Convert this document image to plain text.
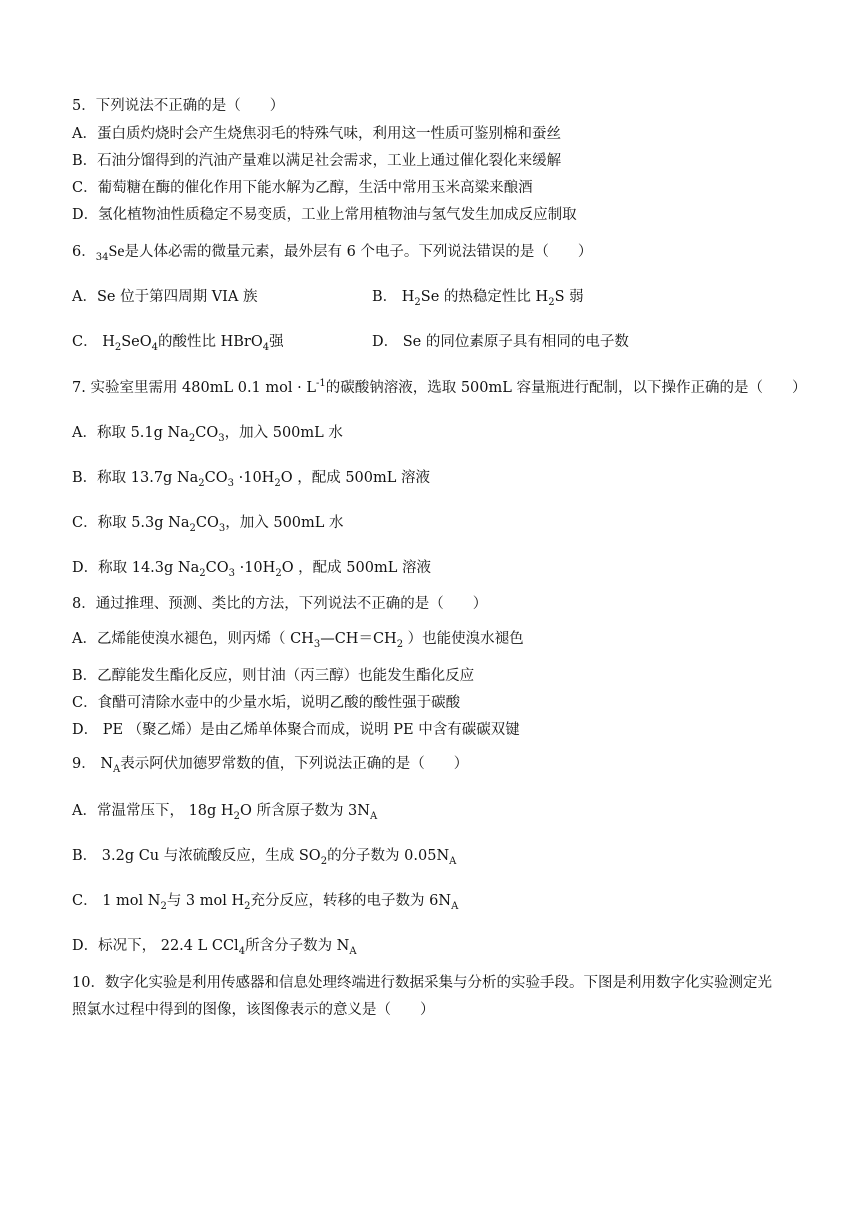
5．下列说法不正确的是（　　）
A．蛋白质灼烧时会产生烧焦羽毛的特殊气味，利用这一性质可鉴别棉和蚕丝
B．石油分馏得到的汽油产量难以满足社会需求，工业上通过催化裂化来缓解
C．葡萄糖在酶的催化作用下能水解为乙醇，生活中常用玉米高粱来酿酒
D．氢化植物油性质稳定不易变质，工业上常用植物油与氢气发生加成反应制取
6．$_{34}$Se是人体必需的微量元素，最外层有 6 个电子。下列说法错误的是（　　）
A．Se 位于第四周期 VIA 族	B． $H_2Se$ 的热稳定性比 $H_2S$ 弱
C． $H_2SeO_4$的酸性比 HBrO$_4$强	D． Se 的同位素原子具有相同的电子数
7. 实验室里需用 480mL 0.1 mol · $L^{-1}$的碳酸钠溶液，选取 500mL 容量瓶进行配制，以下操作正确的是（　　）
A．称取 5.1g $Na_2CO_3$，加入 500mL 水
B．称取 13.7g $Na_2CO_3 \cdot 10H_2O$ ，配成 500mL 溶液
C．称取 5.3g $Na_2CO_3$，加入 500mL 水
D．称取 14.3g $Na_2CO_3 \cdot 10H_2O$ ，配成 500mL 溶液
8．通过推理、预测、类比的方法，下列说法不正确的是（　　）
A．乙烯能使溴水褪色，则丙烯（ $CH_3—CH=CH_2$ ）也能使溴水褪色
B．乙醇能发生酯化反应，则甘油（丙三醇）也能发生酯化反应
C．食醋可清除水壶中的少量水垢，说明乙酸的酸性强于碳酸
D． PE （聚乙烯）是由乙烯单体聚合而成，说明 PE 中含有碳碳双键
9． $N_A$表示阿伏加德罗常数的值，下列说法正确的是（　　）
A．常温常压下， 18g $H_2O$ 所含原子数为 $3N_A$
B． 3.2g Cu 与浓硫酸反应，生成 $SO_2$的分子数为 $0.05N_A$
C． 1 mol $N_2$与 3 mol $H_2$充分反应，转移的电子数为 $6N_A$
D．标况下， 22.4 L CCl$_4$所含分子数为 $N_A$
10．数字化实验是利用传感器和信息处理终端进行数据采集与分析的实验手段。下图是利用数字化实验测定光
照氯水过程中得到的图像，该图像表示的意义是（　　）
